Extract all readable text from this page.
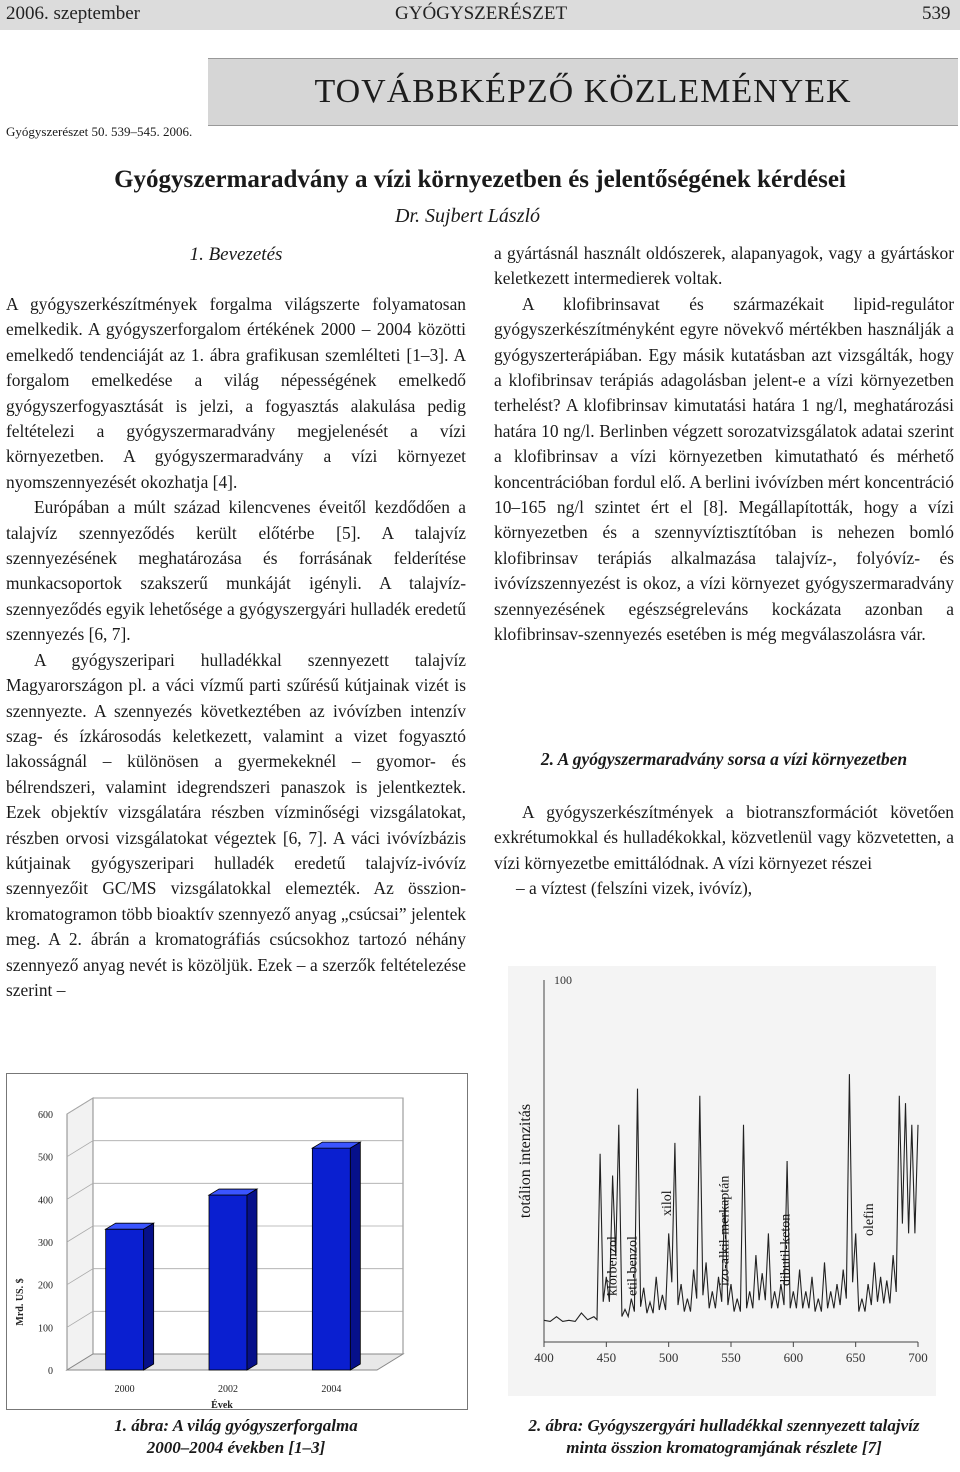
2006. szeptember	GYÓGYSZERÉSZET	539
TOVÁBBKÉPZŐ KÖZLEMÉNYEK
Gyógyszerészet 50. 539–545. 2006.
Gyógyszermaradvány a vízi környezetben és jelentőségének kérdései
Dr. Sujbert László
1. Bevezetés

A gyógyszerkészítmények forgalma világszerte folyamatosan emelkedik. A gyógyszerforgalom értékének 2000 – 2004 közötti emelkedő tendenciáját az 1. ábra grafikusan szemlélteti [1–3]. A forgalom emelkedése a világ népességének emelkedő gyógyszerfogyasztását is jelzi, a fogyasztás alakulása pedig feltételezi a gyógyszermaradvány megjelenését a vízi környezetben. A gyógyszermaradvány a vízi környezet nyomszennyezését okozhatja [4].

Európában a múlt század kilencvenes éveitől kezdődően a talajvíz szennyeződés került előtérbe [5]. A talajvíz szennyezésének meghatározása és forrásának felderítése munkacsoportok szakszerű munkáját igényli. A talajvíz-szennyeződés egyik lehetősége a gyógyszergyári hulladék eredetű szennyezés [6, 7].

A gyógyszeripari hulladékkal szennyezett talajvíz Magyarországon pl. a váci vízmű parti szűrésű kútjainak vizét is szennyezte. A szennyezés következtében az ivóvízben intenzív szag- és ízkárosodás keletkezett, valamint a vizet fogyasztó lakosságnál – különösen a gyermekeknél – gyomor- és bélrendszeri, valamint idegrendszeri panaszok is jelentkeztek. Ezek objektív vizsgálatára részben vízminőségi vizsgálatokat, részben orvosi vizsgálatokat végeztek [6, 7]. A váci ivóvízbázis kútjainak gyógyszeripari hulladék eredetű talajvíz-ivóvíz szennyezőit GC/MS vizsgálatokkal elemezték. Az összion-kromatogramon több bioaktív szennyező anyag „csúcsai” jelentek meg. A 2. ábrán a kromatográfiás csúcsokhoz tartozó néhány szennyező anyag nevét is közöljük. Ezek – a szerzők feltételezése szerint –

a gyártásnál használt oldószerek, alapanyagok, vagy a gyártáskor keletkezett intermedierek voltak.

A klofibrinsavat és származékait lipid-regulátor gyógyszerkészítményként egyre növekvő mértékben használják a gyógyszerterápiában. Egy másik kutatásban azt vizsgálták, hogy a klofibrinsav terápiás adagolásban jelent-e a vízi környezetben terhelést? A klofibrinsav kimutatási határa 1 ng/l, meghatározási határa 10 ng/l. Berlinben végzett sorozatvizsgálatok adatai szerint a klofibrinsav a vízi környezetben kimutatható és mérhető koncentrációban fordul elő. A berlini ivóvízben mért koncentráció 10–165 ng/l szintet ért el [8]. Megállapították, hogy a vízi környezetben és a szennyvíztisztítóban is nehezen bomló klofibrinsav terápiás alkalmazása talajvíz-, folyóvíz- és ivóvízszennyezést is okoz, a vízi környezet gyógyszermaradvány szennyezésének egészségreleváns kockázata azonban a klofibrinsav-szennyezés esetében is még megválaszolásra vár.

2. A gyógyszermaradvány sorsa a vízi környezetben

A gyógyszerkészítmények a biotranszformációt követően exkrétumokkal és hulladékokkal, közvetlenül vagy közvetetten, a vízi környezetbe emittálódnak. A vízi környezet részei

– a víztest (felszíni vizek, ivóvíz),

0
100
200
300
400
500
600
2000	2002	2004
Évek
Mrd. US. $
1. ábra: A világ gyógyszerforgalma
2000–2004 években [1–3]
100
400	450	500	550	600	650	700
totálion intenzitás
klórbenzol etil-benzol
xilol	izo-alkil-merkaptán	dibutil-keton	olefin
2. ábra: Gyógyszergyári hulladékkal szennyezett talajvíz
minta összion kromatogramjának részlete [7]
